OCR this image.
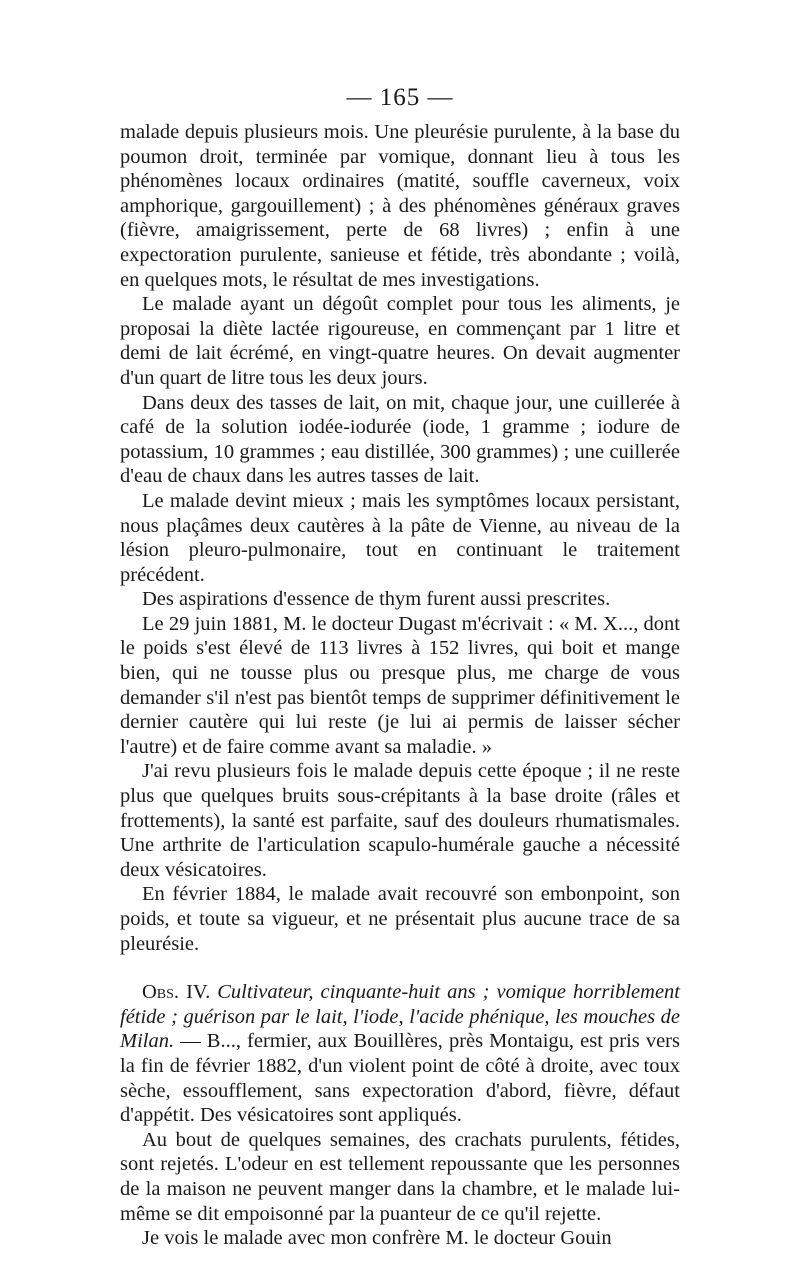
— 165 —

malade depuis plusieurs mois. Une pleurésie purulente, à la base du poumon droit, terminée par vomique, donnant lieu à tous les phénomènes locaux ordinaires (matité, souffle caverneux, voix amphorique, gargouillement) ; à des phénomènes généraux graves (fièvre, amaigrissement, perte de 68 livres) ; enfin à une expectoration purulente, sanieuse et fétide, très abondante ; voilà, en quelques mots, le résultat de mes investigations.

Le malade ayant un dégoût complet pour tous les aliments, je proposai la diète lactée rigoureuse, en commençant par 1 litre et demi de lait écrémé, en vingt-quatre heures. On devait augmenter d'un quart de litre tous les deux jours.

Dans deux des tasses de lait, on mit, chaque jour, une cuillerée à café de la solution iodée-iodurée (iode, 1 gramme ; iodure de potassium, 10 grammes ; eau distillée, 300 grammes) ; une cuillerée d'eau de chaux dans les autres tasses de lait.

Le malade devint mieux ; mais les symptômes locaux persistant, nous plaçâmes deux cautères à la pâte de Vienne, au niveau de la lésion pleuro-pulmonaire, tout en continuant le traitement précédent.

Des aspirations d'essence de thym furent aussi prescrites.

Le 29 juin 1881, M. le docteur Dugast m'écrivait : « M. X..., dont le poids s'est élevé de 113 livres à 152 livres, qui boit et mange bien, qui ne tousse plus ou presque plus, me charge de vous demander s'il n'est pas bientôt temps de supprimer définitivement le dernier cautère qui lui reste (je lui ai permis de laisser sécher l'autre) et de faire comme avant sa maladie. »

J'ai revu plusieurs fois le malade depuis cette époque ; il ne reste plus que quelques bruits sous-crépitants à la base droite (râles et frottements), la santé est parfaite, sauf des douleurs rhumatismales. Une arthrite de l'articulation scapulo-humérale gauche a nécessité deux vésicatoires.

En février 1884, le malade avait recouvré son embonpoint, son poids, et toute sa vigueur, et ne présentait plus aucune trace de sa pleurésie.

Obs. IV. Cultivateur, cinquante-huit ans ; vomique horriblement fétide ; guérison par le lait, l'iode, l'acide phénique, les mouches de Milan. — B..., fermier, aux Bouillères, près Montaigu, est pris vers la fin de février 1882, d'un violent point de côté à droite, avec toux sèche, essoufflement, sans expectoration d'abord, fièvre, défaut d'appétit. Des vésicatoires sont appliqués.

Au bout de quelques semaines, des crachats purulents, fétides, sont rejetés. L'odeur en est tellement repoussante que les personnes de la maison ne peuvent manger dans la chambre, et le malade lui-même se dit empoisonné par la puanteur de ce qu'il rejette.

Je vois le malade avec mon confrère M. le docteur Gouin
